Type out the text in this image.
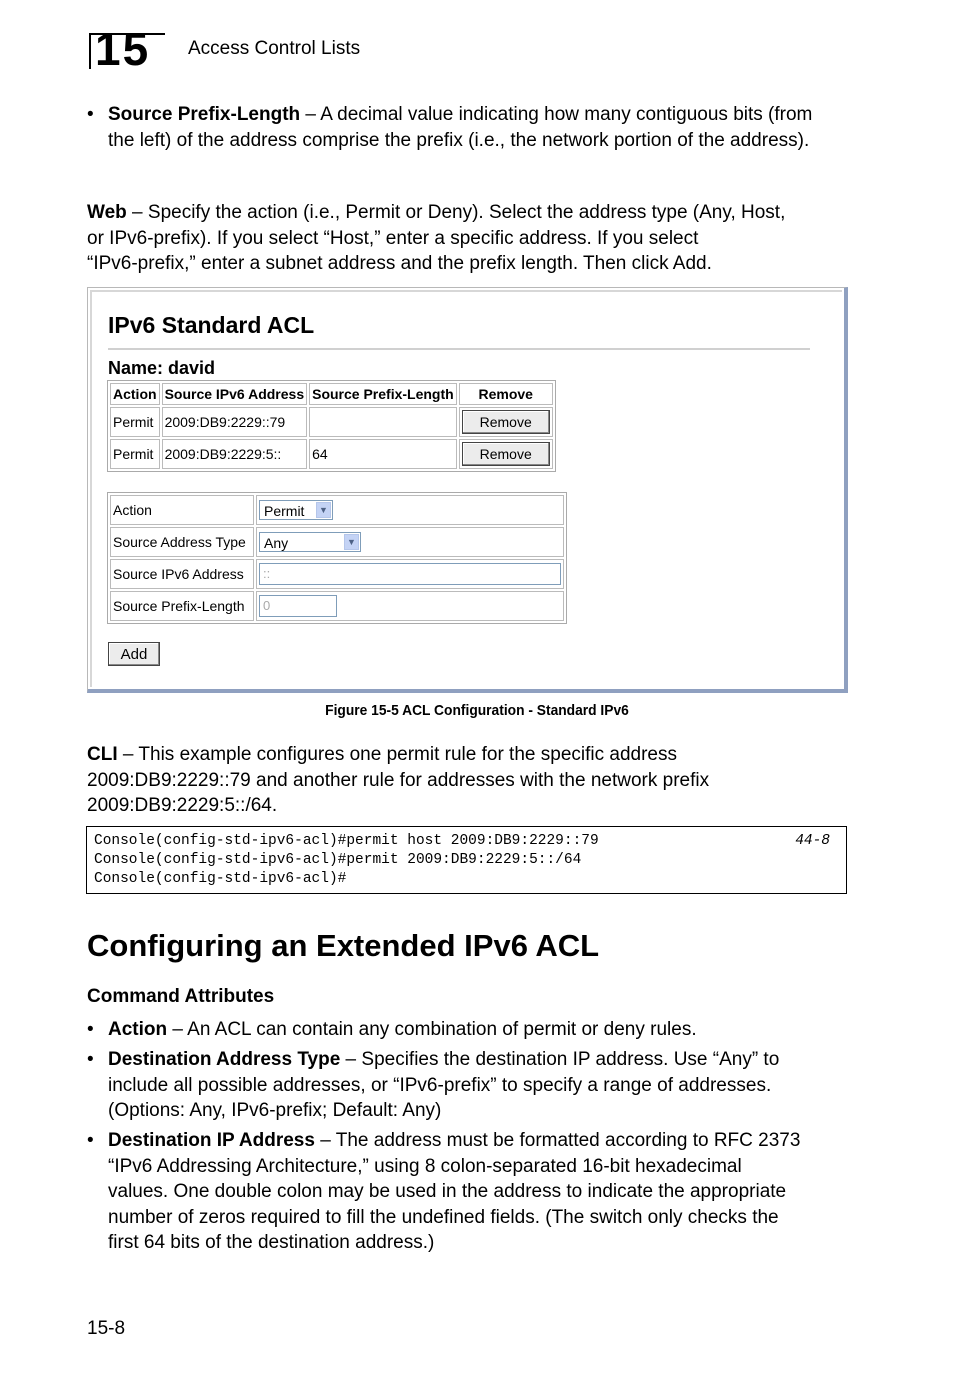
15 Access Control Lists
• Source Prefix-Length – A decimal value indicating how many contiguous bits (from the left) of the address comprise the prefix (i.e., the network portion of the address).
Web – Specify the action (i.e., Permit or Deny). Select the address type (Any, Host,
or IPv6-prefix). If you select “Host,” enter a specific address. If you select
“IPv6-prefix,” enter a subnet address and the prefix length. Then click Add.
IPv6 Standard ACL
Name: david
Action	Source IPv6 Address	Source Prefix-Length	Remove
Permit	2009:DB9:2229::79		Remove
Permit	2009:DB9:2229:5::	64	Remove
Action	Permit ▼

Source Address Type	Any ▼

Source IPv6 Address	::
Source Prefix-Length	0
Add
Figure 15-5 ACL Configuration - Standard IPv6
CLI – This example configures one permit rule for the specific address
2009:DB9:2229::79 and another rule for addresses with the network prefix
2009:DB9:2229:5::/64.
Console(config-std-ipv6-acl)#permit host 2009:DB9:2229::79
Console(config-std-ipv6-acl)#permit 2009:DB9:2229:5::/64
Console(config-std-ipv6-acl)#
44-8
Configuring an Extended IPv6 ACL
Command Attributes
• Action – An ACL can contain any combination of permit or deny rules.
• Destination Address Type – Specifies the destination IP address. Use “Any” to
include all possible addresses, or “IPv6-prefix” to specify a range of addresses.
(Options: Any, IPv6-prefix; Default: Any)
• Destination IP Address – The address must be formatted according to RFC 2373
“IPv6 Addressing Architecture,” using 8 colon-separated 16-bit hexadecimal
values. One double colon may be used in the address to indicate the appropriate
number of zeros required to fill the undefined fields. (The switch only checks the
first 64 bits of the destination address.)
15-8
